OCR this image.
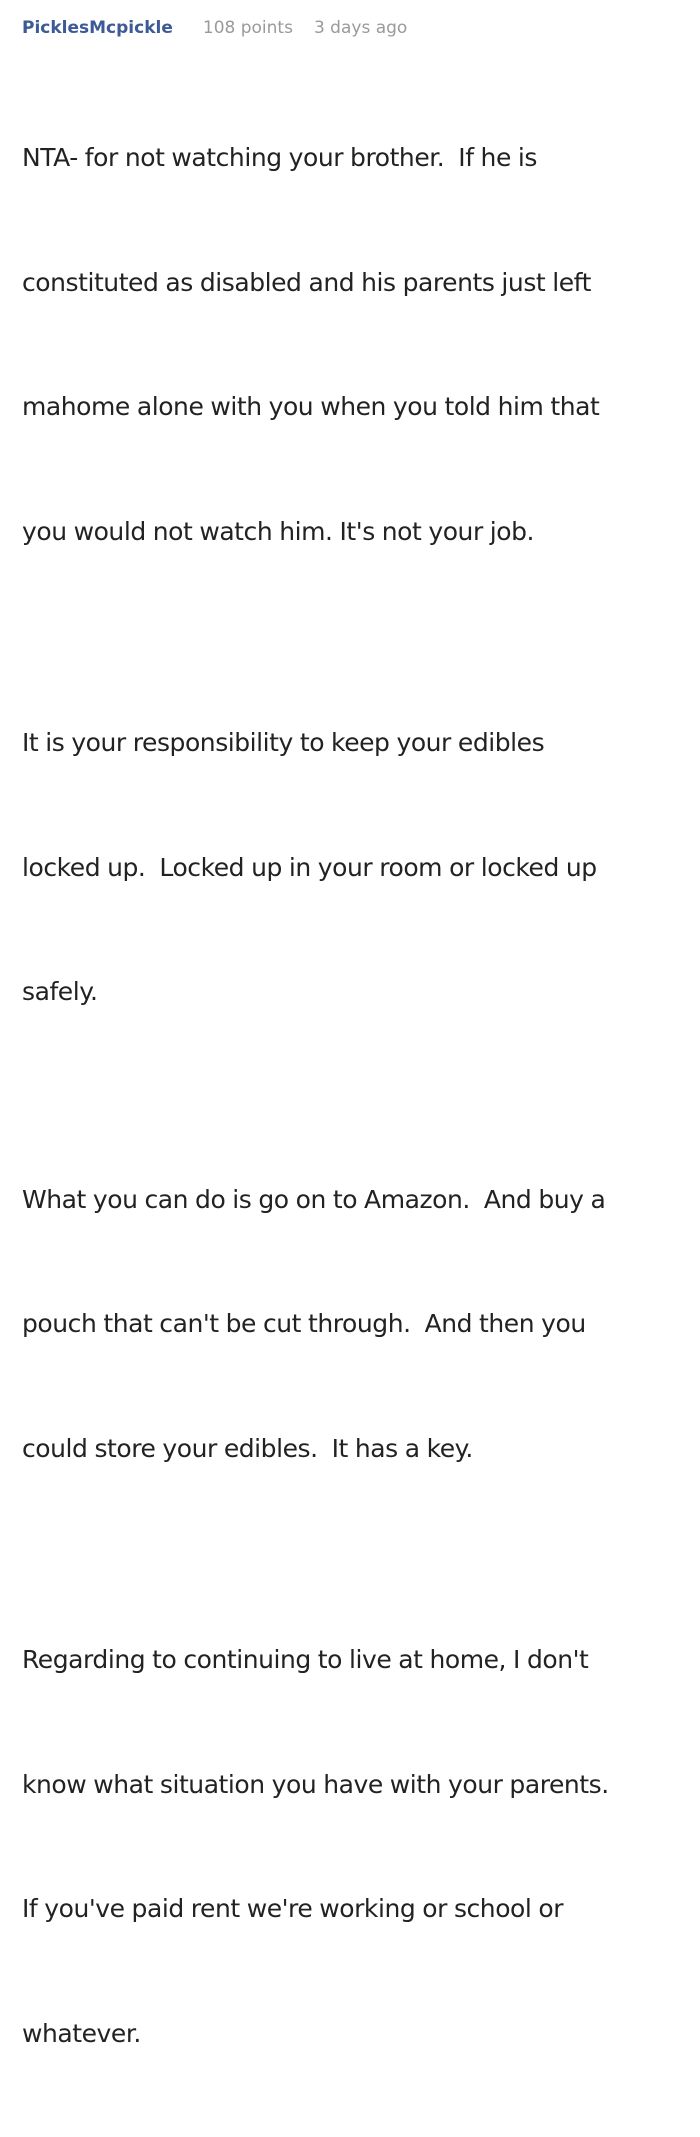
PicklesMcpickle 108 points 3 days ago

NTA- for not watching your brother.  If he is

constituted as disabled and his parents just left

mahome alone with you when you told him that

you would not watch him. It's not your job.

It is your responsibility to keep your edibles

locked up.  Locked up in your room or locked up

safely.

What you can do is go on to Amazon.  And buy a

pouch that can't be cut through.  And then you

could store your edibles.  It has a key.

Regarding to continuing to live at home, I don't

know what situation you have with your parents.

If you've paid rent we're working or school or

whatever.
